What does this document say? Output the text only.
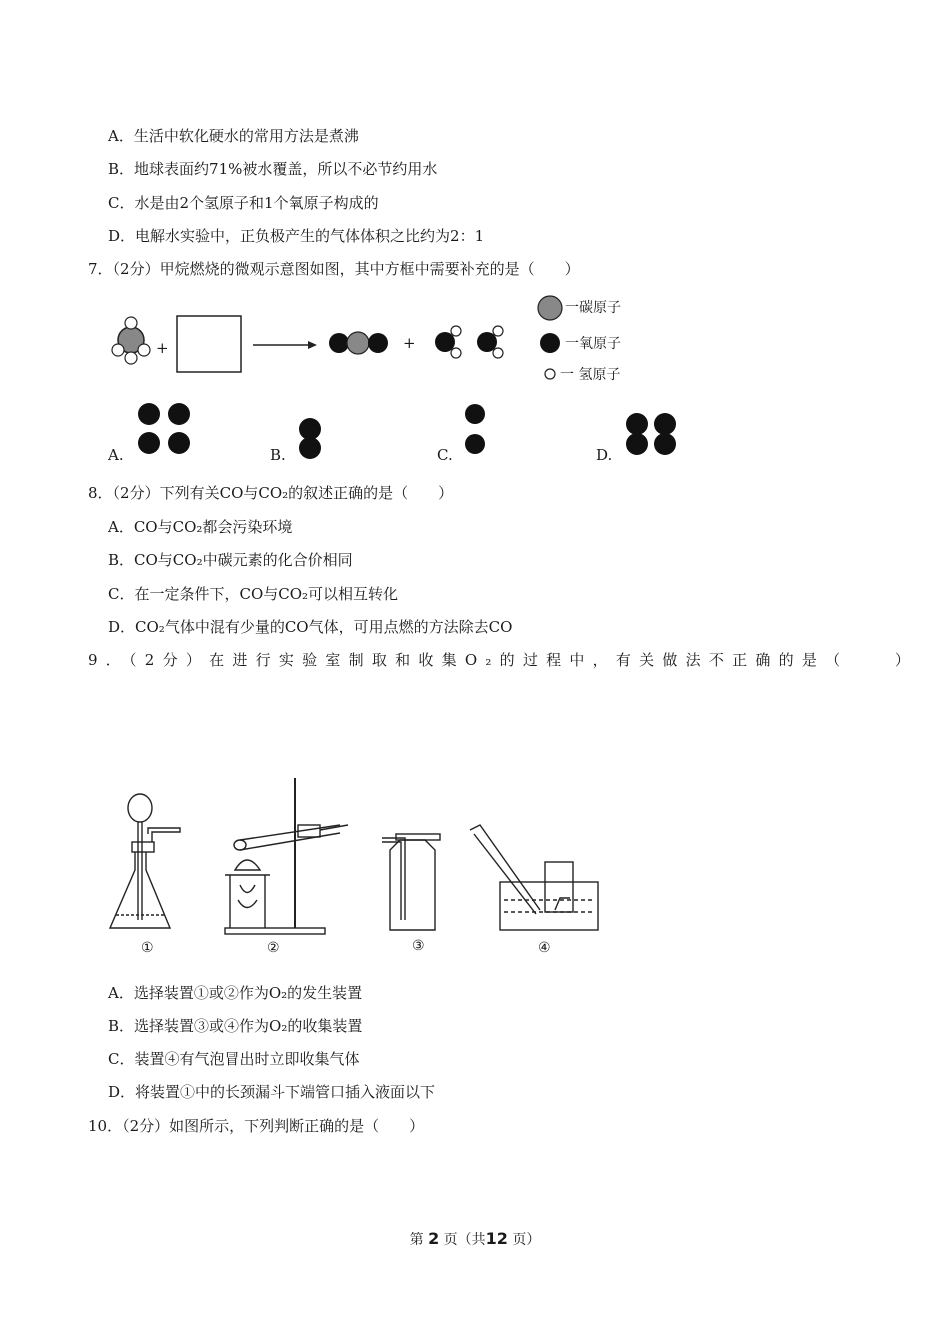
A．生活中软化硬水的常用方法是煮沸
B．地球表面约71%被水覆盖，所以不必节约用水
C．水是由2个氢原子和1个氧原子构成的
D．电解水实验中，正负极产生的气体体积之比约为2：1
7．（2分）甲烷燃烧的微观示意图如图，其中方框中需要补充的是（　　）
+	+
一碳原子
一氧原子
一 氢原子
A.	B.	C.	D.
8．（2分）下列有关CO与CO₂的叙述正确的是（　　）
A．CO与CO₂都会污染环境
B．CO与CO₂中碳元素的化合价相同
C．在一定条件下，CO与CO₂可以相互转化
D．CO₂气体中混有少量的CO气体，可用点燃的方法除去CO
9．（2分）在进行实验室制取和收集O₂的过程中，有关做法不正确的是（　　）
①	②	③	④
A．选择装置①或②作为O₂的发生装置
B．选择装置③或④作为O₂的收集装置
C．装置④有气泡冒出时立即收集气体
D．将装置①中的长颈漏斗下端管口插入液面以下
10．（2分）如图所示，下列判断正确的是（　　）
第 2 页（共12 页）
